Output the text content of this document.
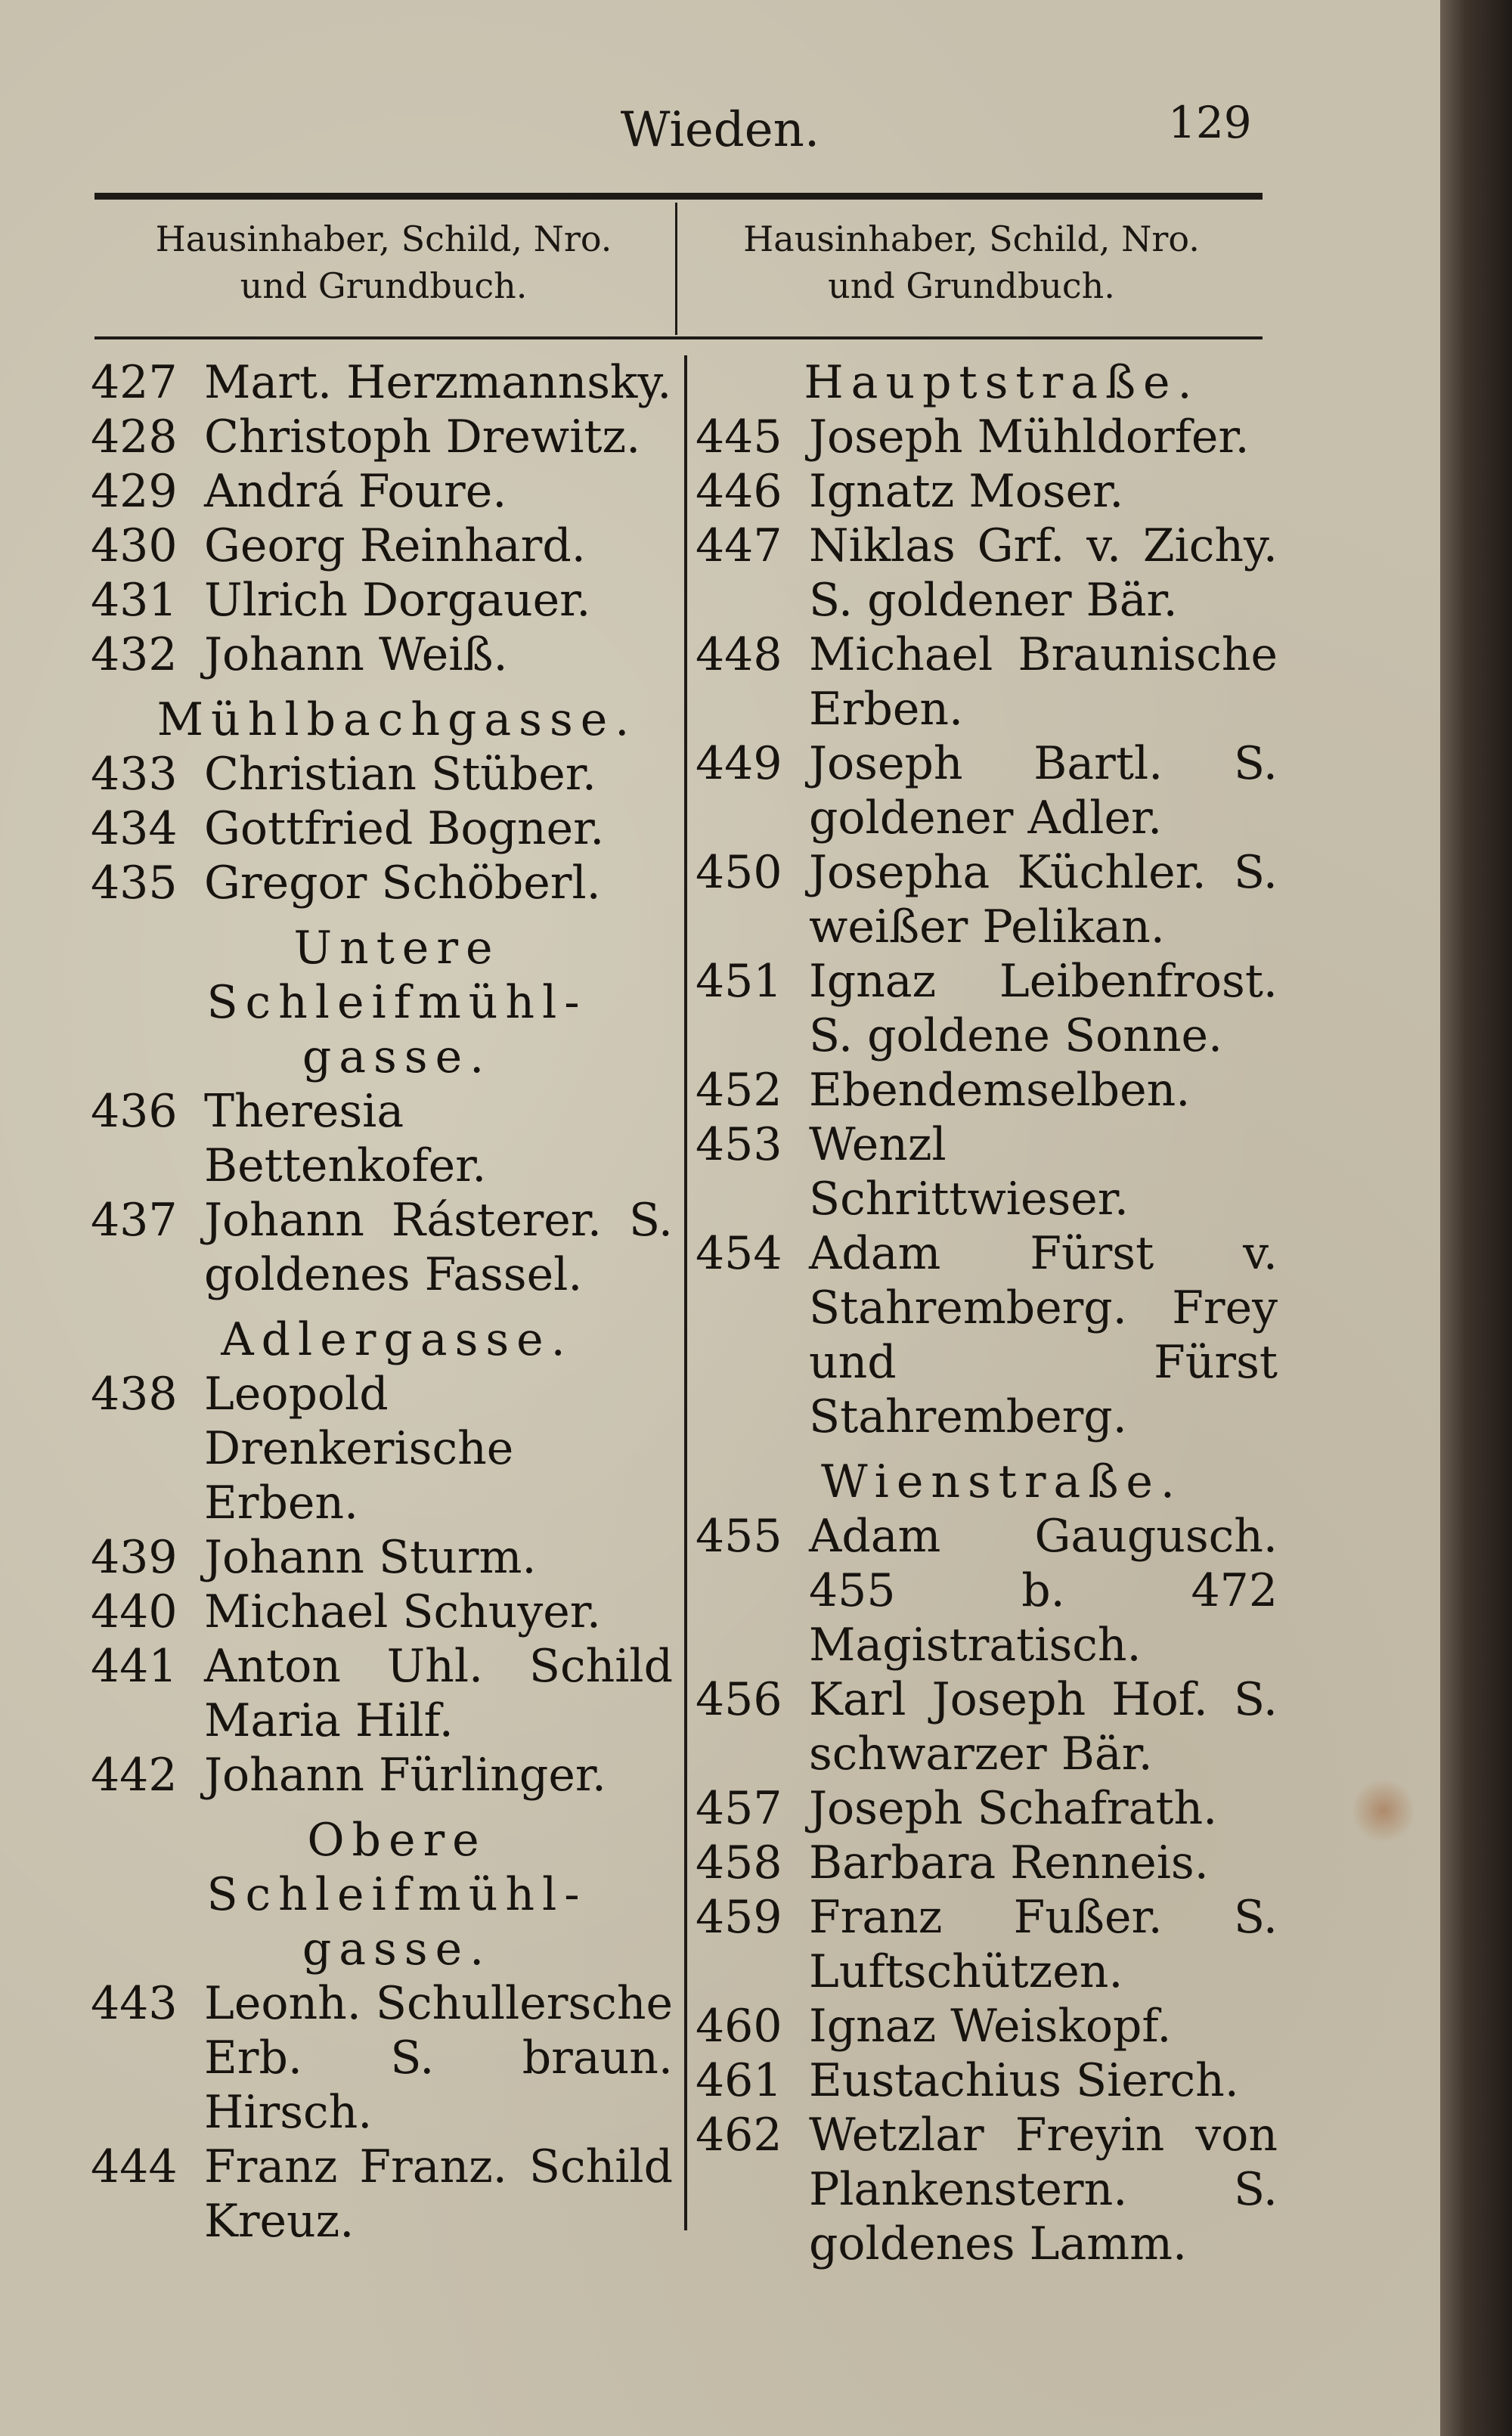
Wieden.	129
Hausinhaber, Schild, Nro.
und Grundbuch.
Hausinhaber, Schild, Nro.
und Grundbuch.
427 Mart. Herzmannsky.
428 Christoph Drewitz.
429 Andrá Foure.
430 Georg Reinhard.
431 Ulrich Dorgauer.
432 Johann Weiß.
Mühlbachgasse.
433 Christian Stüber.
434 Gottfried Bogner.
435 Gregor Schöberl.
Untere Schleifmühl-gasse.
436 Theresia Bettenkofer.
437 Johann Rásterer. S. goldenes Fassel.
Adlergasse.
438 Leopold Drenkerische Erben.
439 Johann Sturm.
440 Michael Schuyer.
441 Anton Uhl. Schild Maria Hilf.
442 Johann Fürlinger.
Obere Schleifmühl-gasse.
443 Leonh. Schullersche Erb. S. braun. Hirsch.
444 Franz Franz. Schild Kreuz.
Hauptstraße.
445 Joseph Mühldorfer.
446 Ignatz Moser.
447 Niklas Grf. v. Zichy. S. goldener Bär.
448 Michael Braunische Erben.
449 Joseph Bartl. S. goldener Adler.
450 Josepha Küchler. S. weißer Pelikan.
451 Ignaz Leibenfrost. S. goldene Sonne.
452 Ebendemselben.
453 Wenzl Schrittwieser.
454 Adam Fürst v. Stahremberg. Frey und Fürst Stahremberg.
Wienstraße.
455 Adam Gaugusch. 455 b. 472 Magistratisch.
456 Karl Joseph Hof. S. schwarzer Bär.
457 Joseph Schafrath.
458 Barbara Renneis.
459 Franz Fußer. S. Luftschützen.
460 Ignaz Weiskopf.
461 Eustachius Sierch.
462 Wetzlar Freyin von Plankenstern. S. goldenes Lamm.
